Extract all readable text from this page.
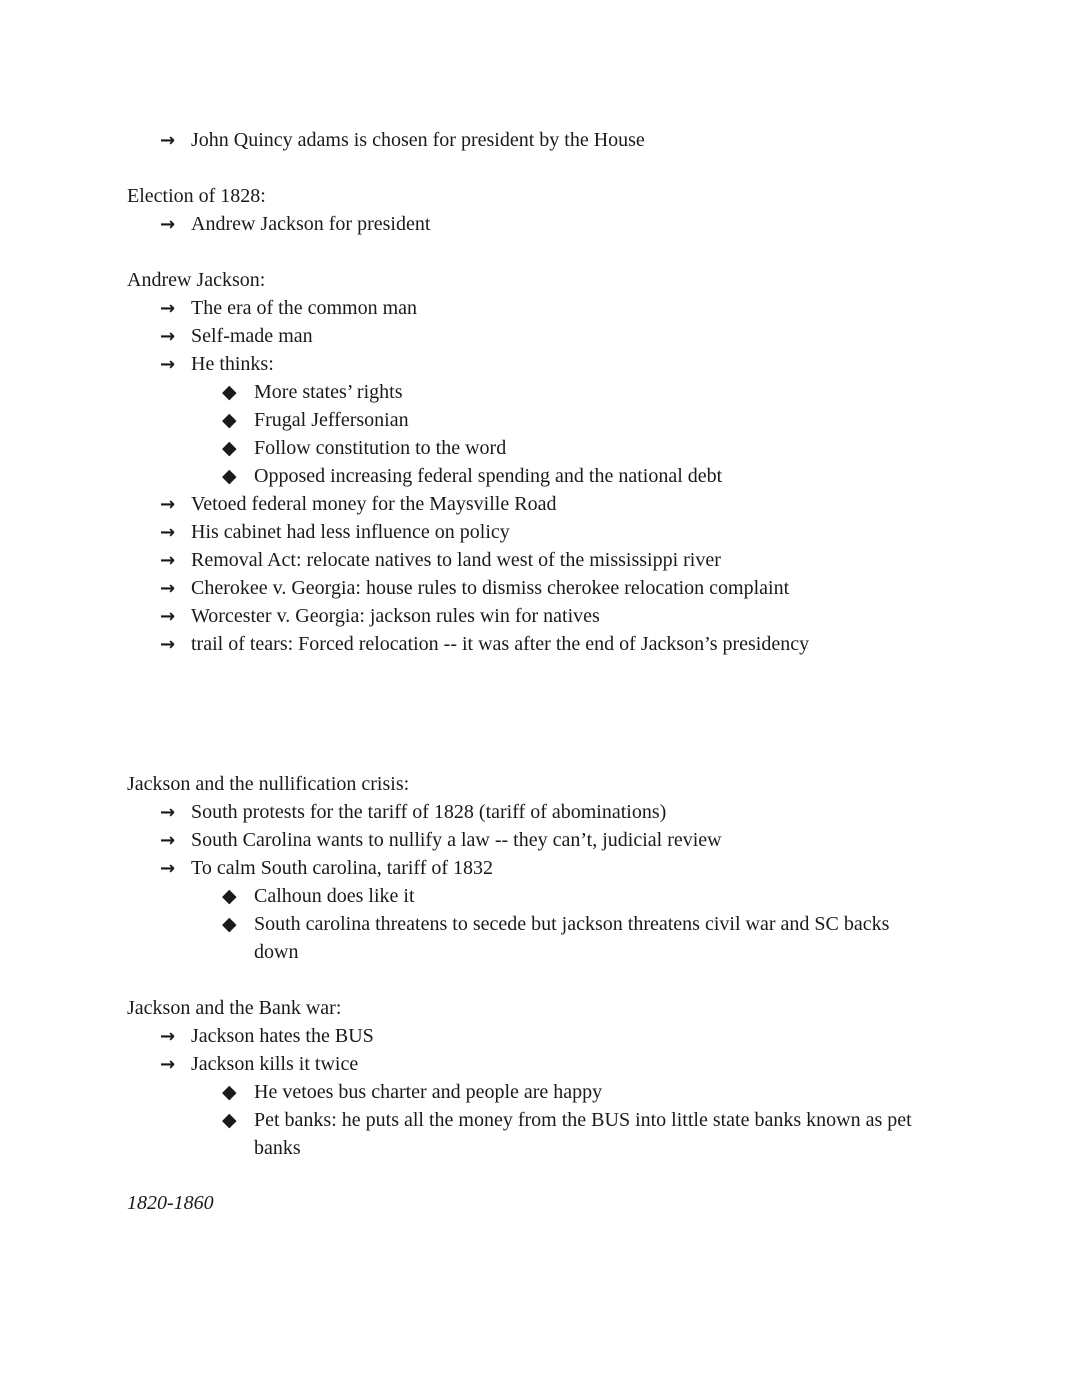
→ John Quincy adams is chosen for president by the House
Election of 1828:
→ Andrew Jackson for president
Andrew Jackson:
→ The era of the common man
→ Self-made man
→ He thinks:
◆ More states’ rights
◆ Frugal Jeffersonian
◆ Follow constitution to the word
◆ Opposed increasing federal spending and the national debt
→ Vetoed federal money for the Maysville Road
→ His cabinet had less influence on policy
→ Removal Act: relocate natives to land west of the mississippi river
→ Cherokee v. Georgia: house rules to dismiss cherokee relocation complaint
→ Worcester v. Georgia: jackson rules win for natives
→ trail of tears: Forced relocation -- it was after the end of Jackson’s presidency
Jackson and the nullification crisis:
→ South protests for the tariff of 1828 (tariff of abominations)
→ South Carolina wants to nullify a law -- they can’t, judicial review
→ To calm South carolina, tariff of 1832
◆ Calhoun does like it
◆ South carolina threatens to secede but jackson threatens civil war and SC backs
down
Jackson and the Bank war:
→ Jackson hates the BUS
→ Jackson kills it twice
◆ He vetoes bus charter and people are happy
◆ Pet banks: he puts all the money from the BUS into little state banks known as pet
banks
1820-1860
